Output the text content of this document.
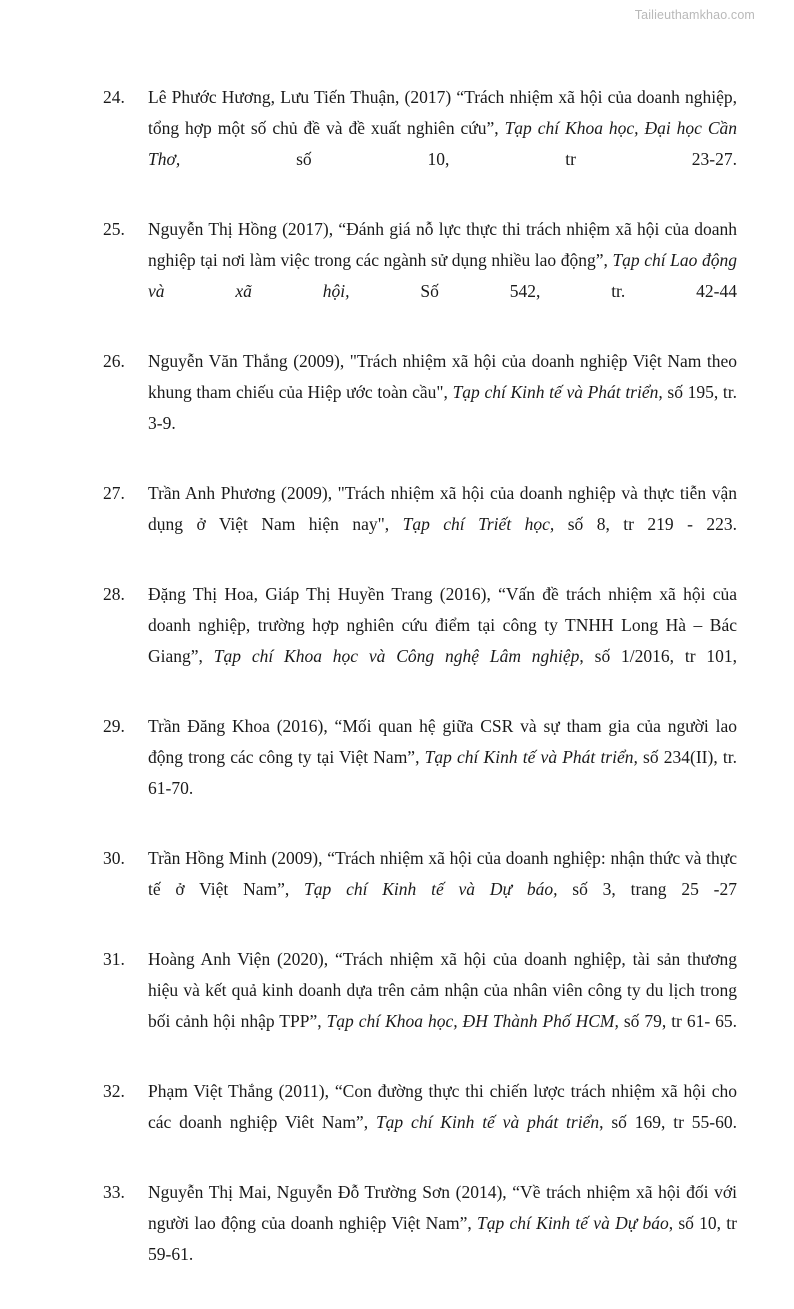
Tailieuthamkhao.com
24.	Lê Phước Hương, Lưu Tiến Thuận, (2017) “Trách nhiệm xã hội của doanh nghiệp, tổng hợp một số chủ đề và đề xuất nghiên cứu”, Tạp chí Khoa học, Đại học Cần Thơ, số 10, tr 23-27.
25.	Nguyễn Thị Hồng (2017), “Đánh giá nỗ lực thực thi trách nhiệm xã hội của doanh nghiệp tại nơi làm việc trong các ngành sử dụng nhiều lao động”, Tạp chí Lao động và xã hội, Số 542, tr. 42-44
26.	Nguyễn Văn Thắng (2009), "Trách nhiệm xã hội của doanh nghiệp Việt Nam theo khung tham chiếu của Hiệp ước toàn cầu", Tạp chí Kinh tế và Phát triển, số 195, tr. 3-9.
27.	Trần Anh Phương (2009), "Trách nhiệm xã hội của doanh nghiệp và thực tiễn vận dụng ở Việt Nam hiện nay", Tạp chí Triết học, số 8, tr 219 - 223.
28.	Đặng Thị Hoa, Giáp Thị Huyền Trang (2016), “Vấn đề trách nhiệm xã hội của doanh nghiệp, trường hợp nghiên cứu điểm tại công ty TNHH Long Hà – Bác Giang”, Tạp chí Khoa học và Công nghệ Lâm nghiệp, số 1/2016, tr 101,
29.	Trần Đăng Khoa (2016), “Mối quan hệ giữa CSR và sự tham gia của người lao động trong các công ty tại Việt Nam”, Tạp chí Kinh tế và Phát triển, số 234(II), tr. 61-70.
30.	Trần Hồng Minh (2009), “Trách nhiệm xã hội của doanh nghiệp: nhận thức và thực tế ở Việt Nam”, Tạp chí Kinh tế và Dự báo, số 3, trang 25 -27
31.	Hoàng Anh Viện (2020), “Trách nhiệm xã hội của doanh nghiệp, tài sản thương hiệu và kết quả kinh doanh dựa trên cảm nhận của nhân viên công ty du lịch trong bối cảnh hội nhập TPP”, Tạp chí Khoa học, ĐH Thành Phố HCM, số 79, tr 61- 65.
32.	Phạm Việt Thắng (2011), “Con đường thực thi chiến lược trách nhiệm xã hội cho các doanh nghiệp Viêt Nam”, Tạp chí Kinh tế và phát triển, số 169, tr 55-60.
33.	Nguyễn Thị Mai, Nguyễn Đỗ Trường Sơn (2014), “Về trách nhiệm xã hội đối với người lao động của doanh nghiệp Việt Nam”, Tạp chí Kinh tế và Dự báo, số 10, tr 59-61.
